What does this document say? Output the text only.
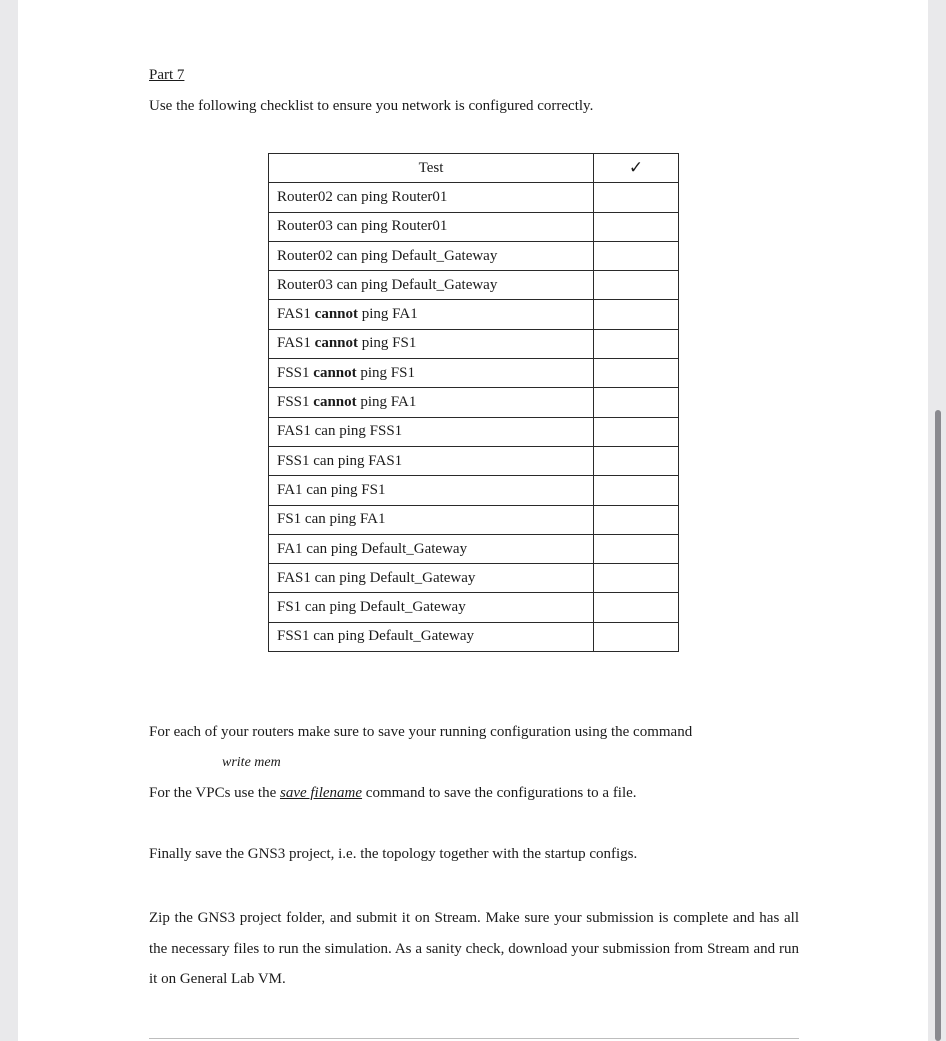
Part 7
Use the following checklist to ensure you network is configured correctly.
Test	✓
Router02 can ping Router01	
Router03 can ping Router01	
Router02 can ping Default_Gateway	
Router03 can ping Default_Gateway	
FAS1 cannot ping FA1	
FAS1 cannot ping FS1	
FSS1 cannot ping FS1	
FSS1 cannot ping FA1	
FAS1 can ping FSS1	
FSS1 can ping FAS1	
FA1 can ping FS1	
FS1 can ping FA1	
FA1 can ping Default_Gateway	
FAS1 can ping Default_Gateway	
FS1 can ping Default_Gateway	
FSS1 can ping Default_Gateway	
For each of your routers make sure to save your running configuration using the command
write mem
For the VPCs use the save filename command to save the configurations to a file.
Finally save the GNS3 project, i.e. the topology together with the startup configs.
Zip the GNS3 project folder, and submit it on Stream. Make sure your submission is complete and has all the necessary files to run the simulation. As a sanity check, download your submission from Stream and run it on General Lab VM.
